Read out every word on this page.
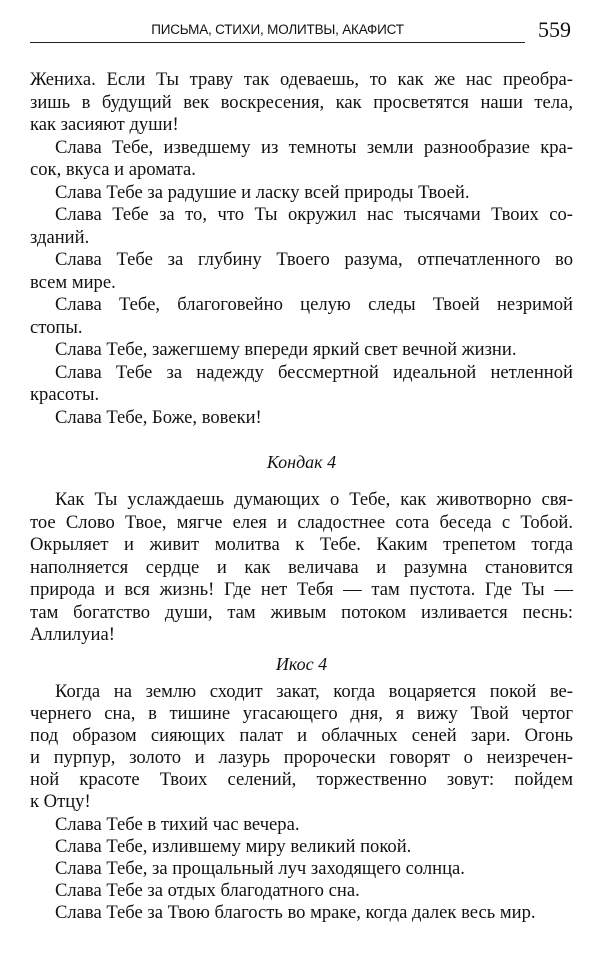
ПИСЬМА, СТИХИ, МОЛИТВЫ, АКАФИСТ	559
Жениха. Если Ты траву так одеваешь, то как же нас преобра-
зишь в будущий век воскресения, как просветятся наши тела,
как засияют души!
Слава Тебе, изведшему из темноты земли разнообразие кра-
сок, вкуса и аромата.
Слава Тебе за радушие и ласку всей природы Твоей.
Слава Тебе за то, что Ты окружил нас тысячами Твоих со-
зданий.
Слава Тебе за глубину Твоего разума, отпечатленного во
всем мире.
Слава Тебе, благоговейно целую следы Твоей незримой
стопы.
Слава Тебе, зажегшему впереди яркий свет вечной жизни.
Слава Тебе за надежду бессмертной идеальной нетленной
красоты.
Слава Тебе, Боже, вовеки!
Кондак 4
Как Ты услаждаешь думающих о Тебе, как животворно свя-
тое Слово Твое, мягче елея и сладостнее сота беседа с Тобой.
Окрыляет и живит молитва к Тебе. Каким трепетом тогда
наполняется сердце и как величава и разумна становится
природа и вся жизнь! Где нет Тебя — там пустота. Где Ты —
там богатство души, там живым потоком изливается песнь:
Аллилуиа!
Икос 4
Когда на землю сходит закат, когда воцаряется покой ве-
чернего сна, в тишине угасающего дня, я вижу Твой чертог
под образом сияющих палат и облачных сеней зари. Огонь
и пурпур, золото и лазурь пророчески говорят о неизречен-
ной красоте Твоих селений, торжественно зовут: пойдем
к Отцу!
Слава Тебе в тихий час вечера.
Слава Тебе, излившему миру великий покой.
Слава Тебе, за прощальный луч заходящего солнца.
Слава Тебе за отдых благодатного сна.
Слава Тебе за Твою благость во мраке, когда далек весь мир.
